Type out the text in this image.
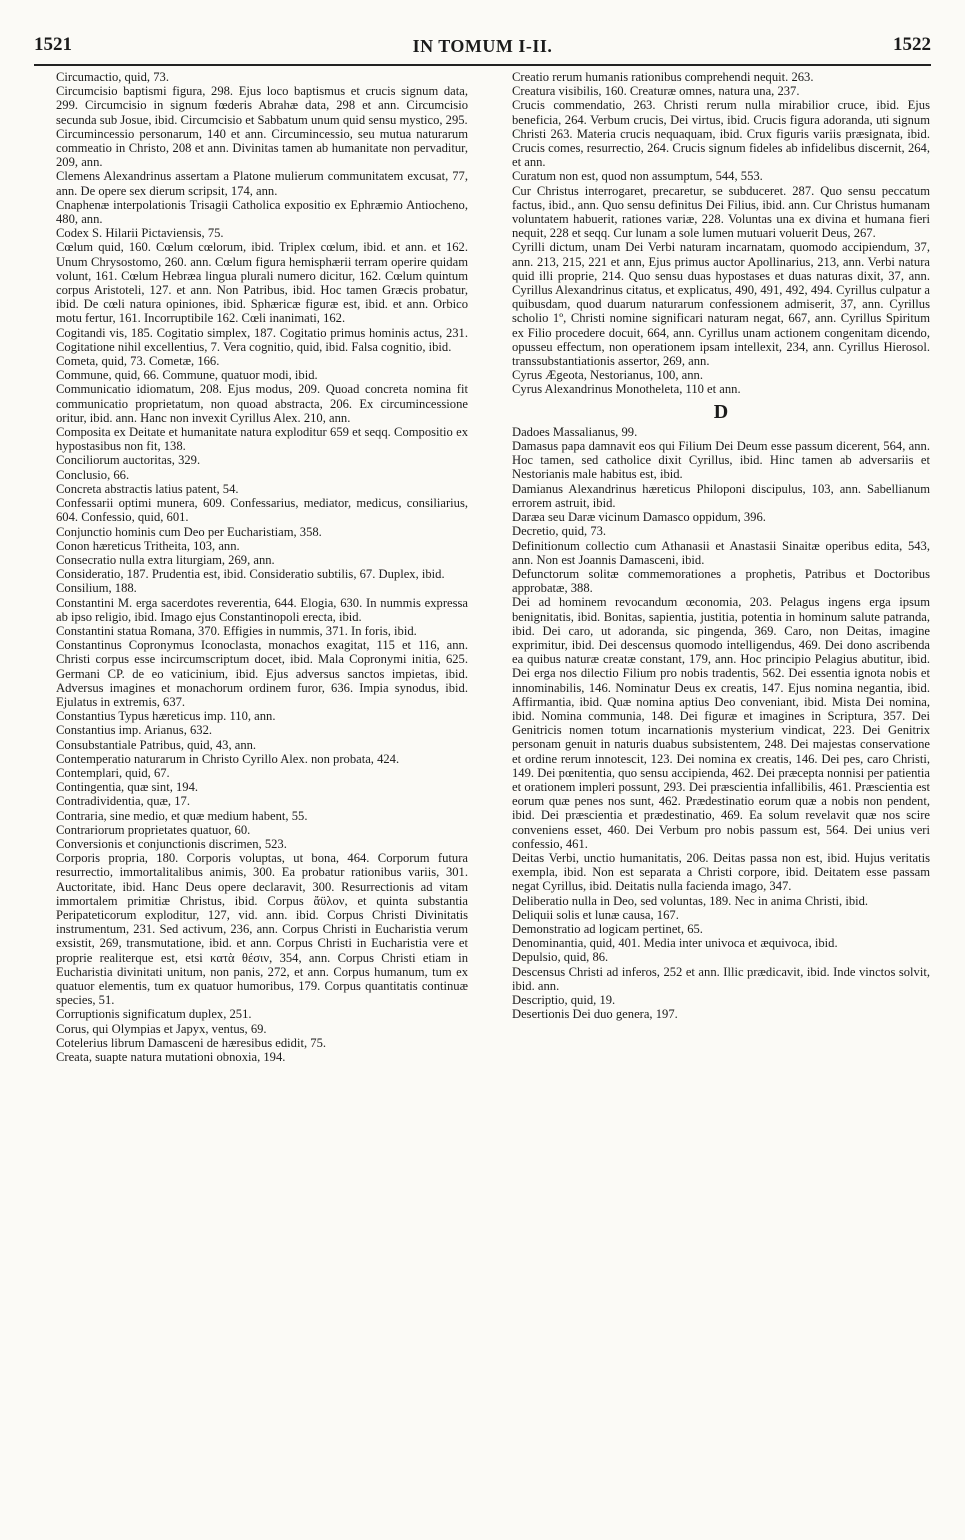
1521	IN TOMUM I-II.	1522

Circumactio, quid, 73.

Circumcisio baptismi figura, 298. Ejus loco baptismus et crucis signum data, 299. Circumcisio in signum fœderis Abrahæ data, 298 et ann. Circumcisio secunda sub Josue, ibid. Circumcisio et Sabbatum unum quid sensu mystico, 295.

Circumincessio personarum, 140 et ann. Circumincessio, seu mutua naturarum commeatio in Christo, 208 et ann. Divinitas tamen ab humanitate non pervaditur, 209, ann.

Clemens Alexandrinus assertam a Platone mulierum communitatem excusat, 77, ann. De opere sex dierum scripsit, 174, ann.

Cnaphenæ interpolationis Trisagii Catholica expositio ex Ephræmio Antiocheno, 480, ann.

Codex S. Hilarii Pictaviensis, 75.

Cœlum quid, 160. Cœlum cœlorum, ibid. Triplex cœlum, ibid. et ann. et 162. Unum Chrysostomo, 260. ann. Cœlum figura hemisphærii terram operire quidam volunt, 161. Cœlum Hebræa lingua plurali numero dicitur, 162. Cœlum quintum corpus Aristoteli, 127. et ann. Non Patribus, ibid. Hoc tamen Græcis probatur, ibid. De cœli natura opiniones, ibid. Sphæricæ figuræ est, ibid. et ann. Orbico motu fertur, 161. Incorruptibile 162. Cœli inanimati, 162.

Cogitandi vis, 185. Cogitatio simplex, 187. Cogitatio primus hominis actus, 231. Cogitatione nihil excellentius, 7. Vera cognitio, quid, ibid. Falsa cognitio, ibid.

Cometa, quid, 73. Cometæ, 166.

Commune, quid, 66. Commune, quatuor modi, ibid.

Communicatio idiomatum, 208. Ejus modus, 209. Quoad concreta nomina fit communicatio proprietatum, non quoad abstracta, 206. Ex circumincessione oritur, ibid. ann. Hanc non invexit Cyrillus Alex. 210, ann.

Composita ex Deitate et humanitate natura exploditur 659 et seqq. Compositio ex hypostasibus non fit, 138.

Conciliorum auctoritas, 329.

Conclusio, 66.

Concreta abstractis latius patent, 54.

Confessarii optimi munera, 609. Confessarius, mediator, medicus, consiliarius, 604. Confessio, quid, 601.

Conjunctio hominis cum Deo per Eucharistiam, 358.

Conon hæreticus Tritheita, 103, ann.

Consecratio nulla extra liturgiam, 269, ann.

Consideratio, 187. Prudentia est, ibid. Consideratio subtilis, 67. Duplex, ibid.

Consilium, 188.

Constantini M. erga sacerdotes reverentia, 644. Elogia, 630. In nummis expressa ab ipso religio, ibid. Imago ejus Constantinopoli erecta, ibid.

Constantini statua Romana, 370. Effigies in nummis, 371. In foris, ibid.

Constantinus Copronymus Iconoclasta, monachos exagitat, 115 et 116, ann. Christi corpus esse incircumscriptum docet, ibid. Mala Copronymi initia, 625. Germani CP. de eo vaticinium, ibid. Ejus adversus sanctos impietas, ibid. Adversus imagines et monachorum ordinem furor, 636. Impia synodus, ibid. Ejulatus in extremis, 637.

Constantius Typus hæreticus imp. 110, ann.

Constantius imp. Arianus, 632.

Consubstantiale Patribus, quid, 43, ann.

Contemperatio naturarum in Christo Cyrillo Alex. non probata, 424.

Contemplari, quid, 67.

Contingentia, quæ sint, 194.

Contradividentia, quæ, 17.

Contraria, sine medio, et quæ medium habent, 55.

Contrariorum proprietates quatuor, 60.

Conversionis et conjunctionis discrimen, 523.

Corporis propria, 180. Corporis voluptas, ut bona, 464. Corporum futura resurrectio, immortalitalibus animis, 300. Ea probatur rationibus variis, 301. Auctoritate, ibid. Hanc Deus opere declaravit, 300. Resurrectionis ad vitam immortalem primitiæ Christus, ibid. Corpus ἄϋλον, et quinta substantia Peripateticorum exploditur, 127, vid. ann. ibid. Corpus Christi Divinitatis instrumentum, 231. Sed activum, 236, ann. Corpus Christi in Eucharistia verum exsistit, 269, transmutatione, ibid. et ann. Corpus Christi in Eucharistia vere et proprie realiterque est, etsi κατὰ θέσιν, 354, ann. Corpus Christi etiam in Eucharistia divinitati unitum, non panis, 272, et ann. Corpus humanum, tum ex quatuor elementis, tum ex quatuor humoribus, 179. Corpus quantitatis continuæ species, 51.

Corruptionis significatum duplex, 251.

Corus, qui Olympias et Japyx, ventus, 69.

Cotelerius librum Damasceni de hæresibus edidit, 75.

Creata, suapte natura mutationi obnoxia, 194.

Creatio rerum humanis rationibus comprehendi nequit. 263.

Creatura visibilis, 160. Creaturæ omnes, natura una, 237.

Crucis commendatio, 263. Christi rerum nulla mirabilior cruce, ibid. Ejus beneficia, 264. Verbum crucis, Dei virtus, ibid. Crucis figura adoranda, uti signum Christi 263. Materia crucis nequaquam, ibid. Crux figuris variis præsignata, ibid. Crucis comes, resurrectio, 264. Crucis signum fideles ab infidelibus discernit, 264, et ann.

Curatum non est, quod non assumptum, 544, 553.

Cur Christus interrogaret, precaretur, se subduceret. 287. Quo sensu peccatum factus, ibid., ann. Quo sensu definitus Dei Filius, ibid. ann. Cur Christus humanam voluntatem habuerit, rationes variæ, 228. Voluntas una ex divina et humana fieri nequit, 228 et seqq. Cur lunam a sole lumen mutuari voluerit Deus, 267.

Cyrilli dictum, unam Dei Verbi naturam incarnatam, quomodo accipiendum, 37, ann. 213, 215, 221 et ann, Ejus primus auctor Apollinarius, 213, ann. Verbi natura quid illi proprie, 214. Quo sensu duas hypostases et duas naturas dixit, 37, ann. Cyrillus Alexandrinus citatus, et explicatus, 490, 491, 492, 494. Cyrillus culpatur a quibusdam, quod duarum naturarum confessionem admiserit, 37, ann. Cyrillus scholio 1º, Christi nomine significari naturam negat, 667, ann. Cyrillus Spiritum ex Filio procedere docuit, 664, ann. Cyrillus unam actionem congenitam dicendo, opusseu effectum, non operationem ipsam intellexit, 234, ann. Cyrillus Hierosol. transsubstantiationis assertor, 269, ann.

Cyrus Ægeota, Nestorianus, 100, ann.

Cyrus Alexandrinus Monotheleta, 110 et ann.

D

Dadoes Massalianus, 99.

Damasus papa damnavit eos qui Filium Dei Deum esse passum dicerent, 564, ann. Hoc tamen, sed catholice dixit Cyrillus, ibid. Hinc tamen ab adversariis et Nestorianis male habitus est, ibid.

Damianus Alexandrinus hæreticus Philoponi discipulus, 103, ann. Sabellianum errorem astruit, ibid.

Daræa seu Daræ vicinum Damasco oppidum, 396.

Decretio, quid, 73.

Definitionum collectio cum Athanasii et Anastasii Sinaitæ operibus edita, 543, ann. Non est Joannis Damasceni, ibid.

Defunctorum solitæ commemorationes a prophetis, Patribus et Doctoribus approbatæ, 388.

Dei ad hominem revocandum œconomia, 203. Pelagus ingens erga ipsum benignitatis, ibid. Bonitas, sapientia, justitia, potentia in hominum salute patranda, ibid. Dei caro, ut adoranda, sic pingenda, 369. Caro, non Deitas, imagine exprimitur, ibid. Dei descensus quomodo intelligendus, 469. Dei dono ascribenda ea quibus naturæ creatæ constant, 179, ann. Hoc principio Pelagius abutitur, ibid. Dei erga nos dilectio Filium pro nobis tradentis, 562. Dei essentia ignota nobis et innominabilis, 146. Nominatur Deus ex creatis, 147. Ejus nomina negantia, ibid. Affirmantia, ibid. Quæ nomina aptius Deo conveniant, ibid. Mista Dei nomina, ibid. Nomina communia, 148. Dei figuræ et imagines in Scriptura, 357. Dei Genitricis nomen totum incarnationis mysterium vindicat, 223. Dei Genitrix personam genuit in naturis duabus subsistentem, 248. Dei majestas conservatione et ordine rerum innotescit, 123. Dei nomina ex creatis, 146. Dei pes, caro Christi, 149. Dei pœnitentia, quo sensu accipienda, 462. Dei præcepta nonnisi per patientia et orationem impleri possunt, 293. Dei præscientia infallibilis, 461. Præscientia est eorum quæ penes nos sunt, 462. Prædestinatio eorum quæ a nobis non pendent, ibid. Dei præscientia et prædestinatio, 469. Ea solum revelavit quæ nos scire conveniens esset, 460. Dei Verbum pro nobis passum est, 564. Dei unius veri confessio, 461.

Deitas Verbi, unctio humanitatis, 206. Deitas passa non est, ibid. Hujus veritatis exempla, ibid. Non est separata a Christi corpore, ibid. Deitatem esse passam negat Cyrillus, ibid. Deitatis nulla facienda imago, 347.

Deliberatio nulla in Deo, sed voluntas, 189. Nec in anima Christi, ibid.

Deliquii solis et lunæ causa, 167.

Demonstratio ad logicam pertinet, 65.

Denominantia, quid, 401. Media inter univoca et æquivoca, ibid.

Depulsio, quid, 86.

Descensus Christi ad inferos, 252 et ann. Illic prædicavit, ibid. Inde vinctos solvit, ibid. ann.

Descriptio, quid, 19.

Desertionis Dei duo genera, 197.
